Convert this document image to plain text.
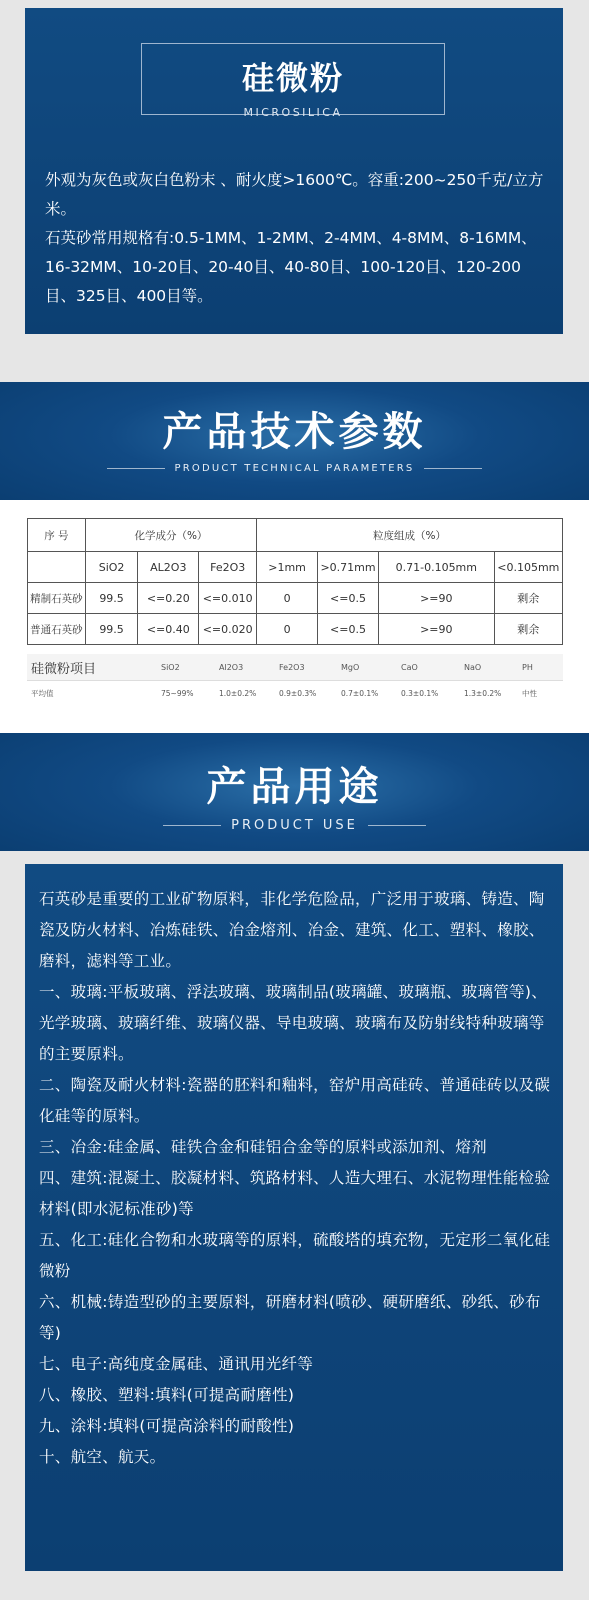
硅微粉
MICROSILICA

外观为灰色或灰白色粉末 、耐火度>1600℃。容重:200~250千克/立方米。

石英砂常用规格有:0.5-1MM、1-2MM、2-4MM、4-8MM、8-16MM、16-32MM、10-20目、20-40目、40-80目、100-120目、120-200目、325目、400目等。

产品技术参数
PRODUCT TECHNICAL PARAMETERS
序 号	化学成分（%）			粒度组成（%）			
	SiO2	AL2O3	Fe2O3	>1mm	>0.71mm	0.71-0.105mm	<0.105mm
精制石英砂	99.5	<=0.20	<=0.010	0	<=0.5	>=90	剩余
普通石英砂	99.5	<=0.40	<=0.020	0	<=0.5	>=90	剩余
硅微粉项目	SiO2	Al2O3	Fe2O3	MgO	CaO	NaO	PH
平均值	75~99%	1.0±0.2%	0.9±0.3%	0.7±0.1%	0.3±0.1%	1.3±0.2%	中性
产品用途
PRODUCT USE

石英砂是重要的工业矿物原料，非化学危险品，广泛用于玻璃、铸造、陶瓷及防火材料、冶炼硅铁、冶金熔剂、冶金、建筑、化工、塑料、橡胶、磨料，滤料等工业。

一、玻璃:平板玻璃、浮法玻璃、玻璃制品(玻璃罐、玻璃瓶、玻璃管等)、光学玻璃、玻璃纤维、玻璃仪器、导电玻璃、玻璃布及防射线特种玻璃等的主要原料。

二、陶瓷及耐火材料:瓷器的胚料和釉料，窑炉用高硅砖、普通硅砖以及碳化硅等的原料。

三、冶金:硅金属、硅铁合金和硅铝合金等的原料或添加剂、熔剂

四、建筑:混凝土、胶凝材料、筑路材料、人造大理石、水泥物理性能检验材料(即水泥标准砂)等

五、化工:硅化合物和水玻璃等的原料，硫酸塔的填充物，无定形二氧化硅微粉

六、机械:铸造型砂的主要原料，研磨材料(喷砂、硬研磨纸、砂纸、砂布等)

七、电子:高纯度金属硅、通讯用光纤等

八、橡胶、塑料:填料(可提高耐磨性)

九、涂料:填料(可提高涂料的耐酸性)

十、航空、航天。
